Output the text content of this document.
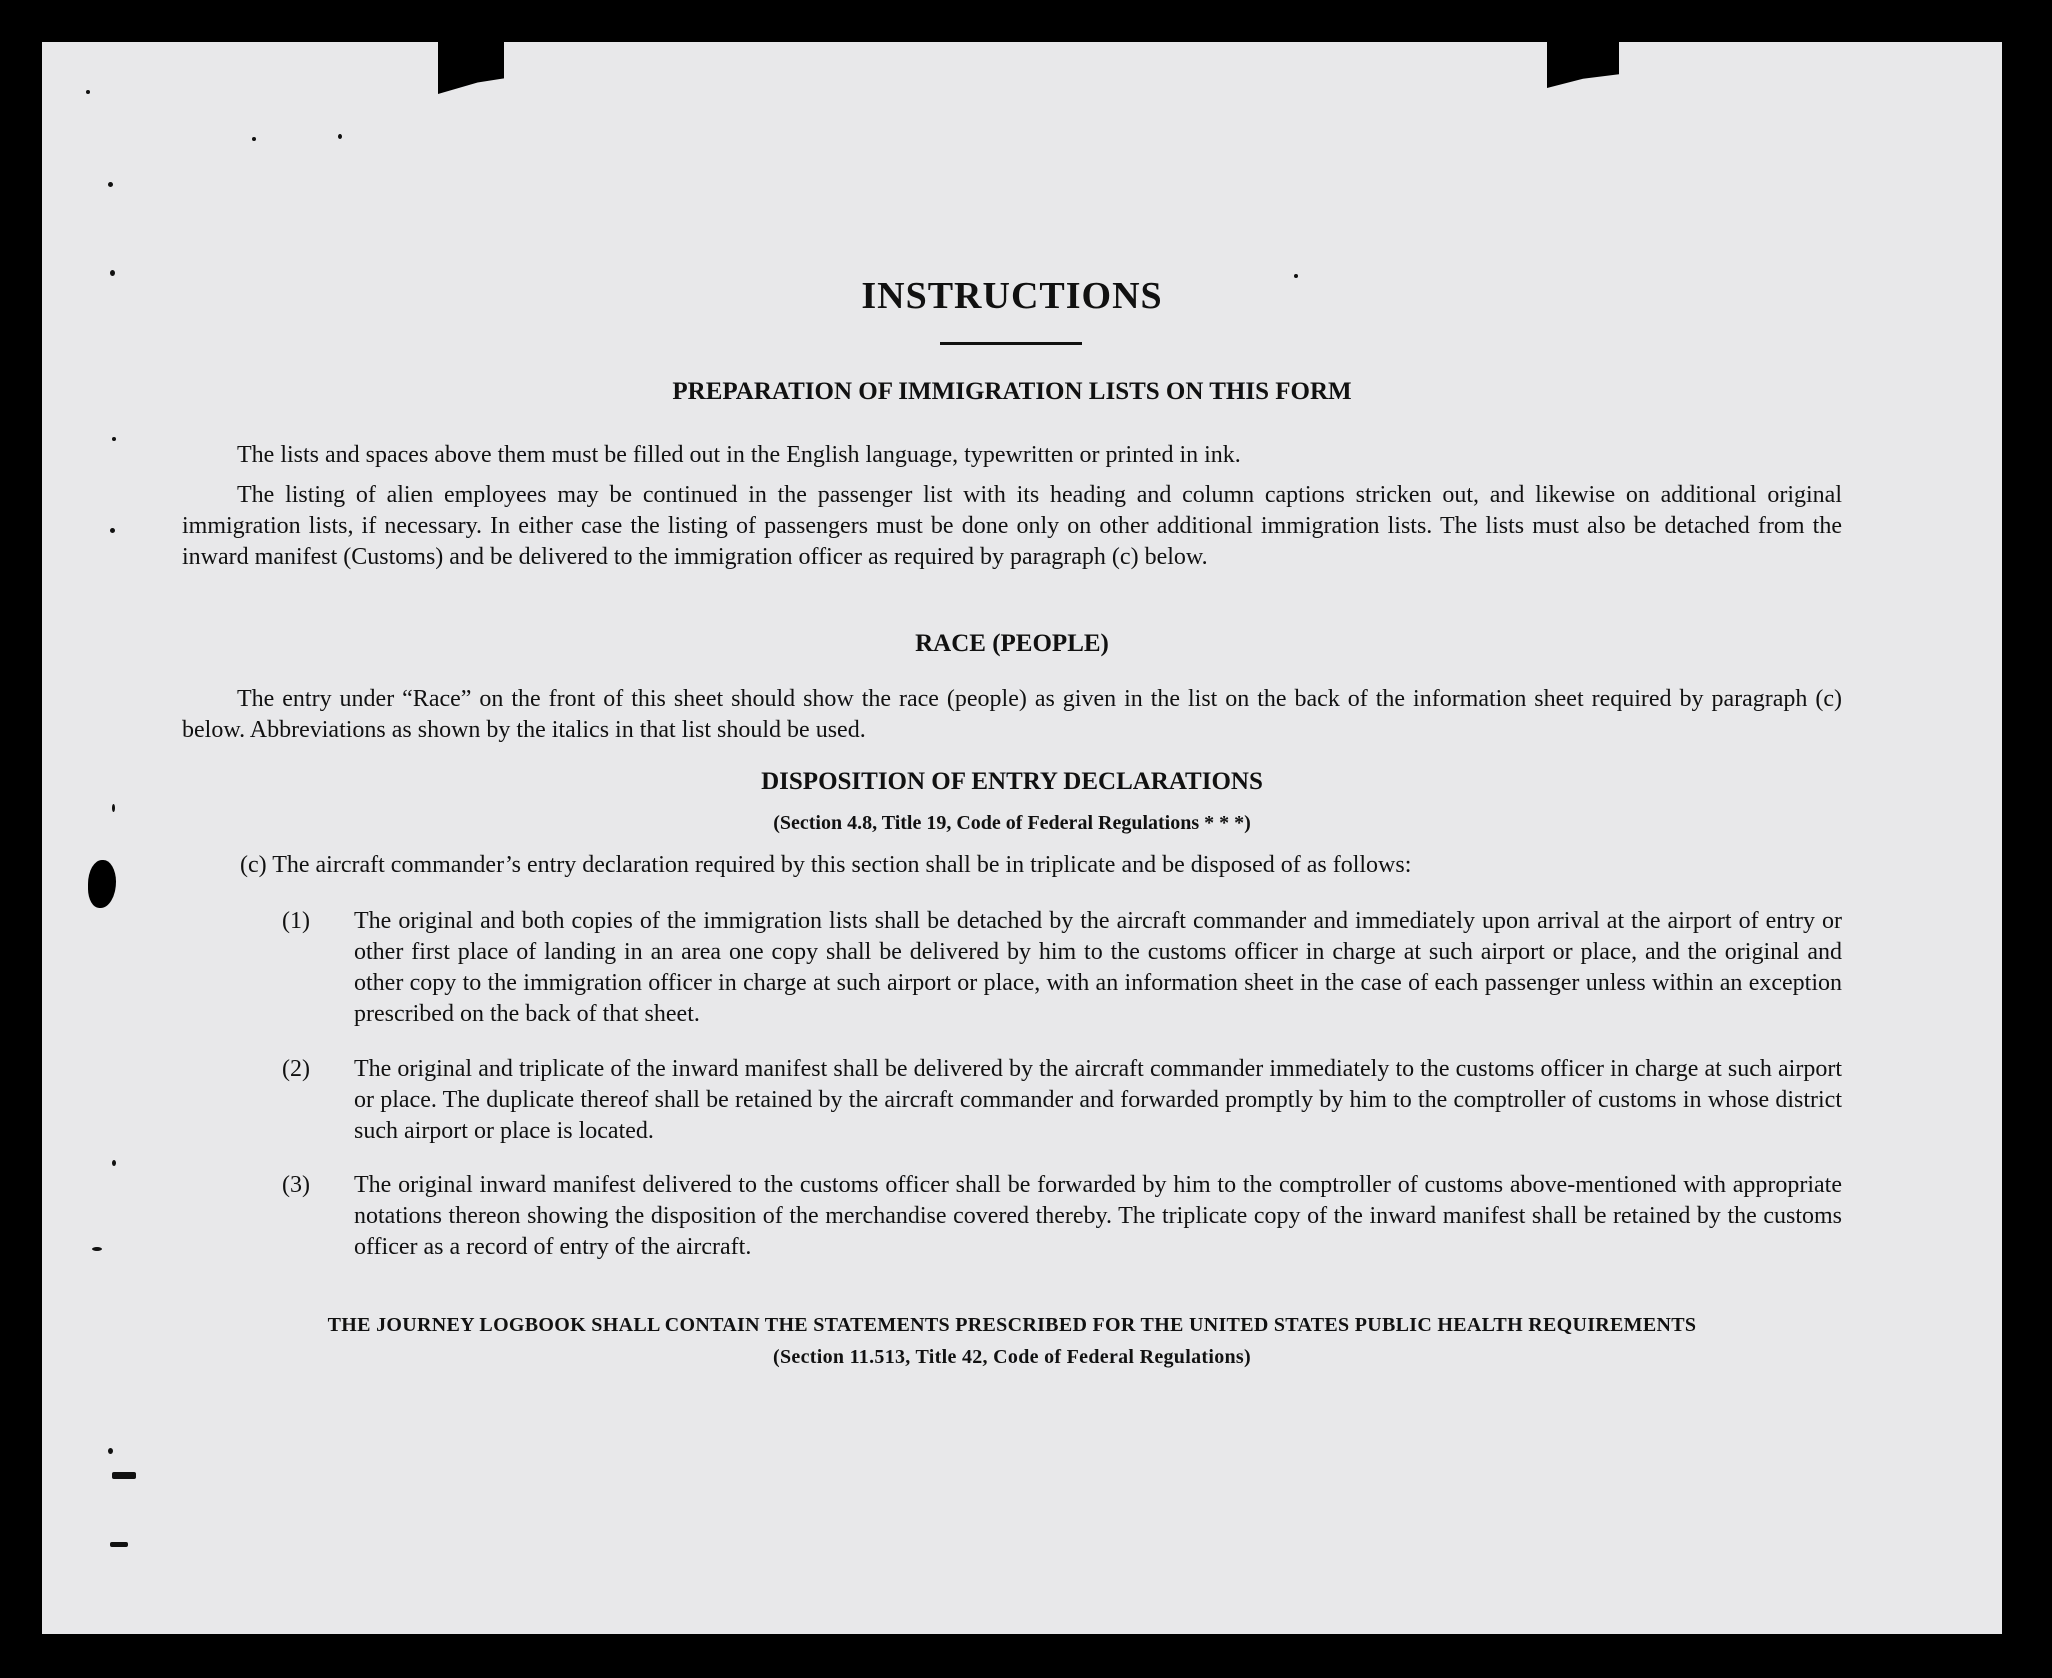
INSTRUCTIONS
PREPARATION OF IMMIGRATION LISTS ON THIS FORM
The lists and spaces above them must be filled out in the English language, typewritten or printed in ink.
The listing of alien employees may be continued in the passenger list with its heading and column captions stricken out, and likewise on additional original immigration lists, if necessary. In either case the listing of passengers must be done only on other additional immigration lists. The lists must also be detached from the inward manifest (Customs) and be delivered to the immigration officer as required by paragraph (c) below.
RACE (PEOPLE)
The entry under “Race” on the front of this sheet should show the race (people) as given in the list on the back of the information sheet required by paragraph (c) below. Abbreviations as shown by the italics in that list should be used.
DISPOSITION OF ENTRY DECLARATIONS
(Section 4.8, Title 19, Code of Federal Regulations * * *)
(c) The aircraft commander’s entry declaration required by this section shall be in triplicate and be disposed of as follows:
(1)	The original and both copies of the immigration lists shall be detached by the aircraft commander and immediately upon arrival at the airport of entry or other first place of landing in an area one copy shall be delivered by him to the customs officer in charge at such airport or place, and the original and other copy to the immigration officer in charge at such airport or place, with an information sheet in the case of each passenger unless within an exception prescribed on the back of that sheet.
(2)	The original and triplicate of the inward manifest shall be delivered by the aircraft commander immediately to the customs officer in charge at such airport or place. The duplicate thereof shall be retained by the aircraft commander and forwarded promptly by him to the comptroller of customs in whose district such airport or place is located.
(3)	The original inward manifest delivered to the customs officer shall be forwarded by him to the comptroller of customs above-mentioned with appropriate notations thereon showing the disposition of the merchandise covered thereby. The triplicate copy of the inward manifest shall be retained by the customs officer as a record of entry of the aircraft.
THE JOURNEY LOGBOOK SHALL CONTAIN THE STATEMENTS PRESCRIBED FOR THE UNITED STATES PUBLIC HEALTH REQUIREMENTS
(Section 11.513, Title 42, Code of Federal Regulations)
